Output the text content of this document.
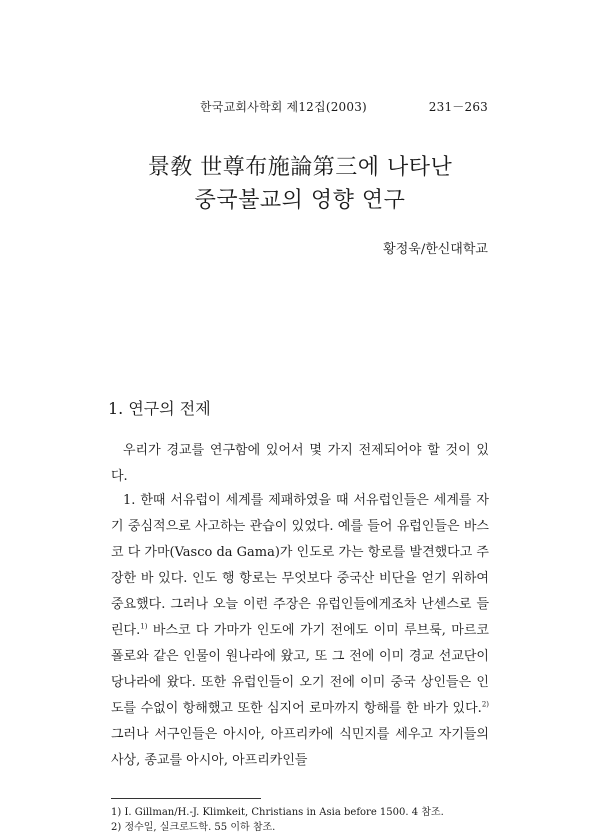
한국교회사학회 제12집(2003)	231－263
景敎 世尊布施論第三에 나타난
중국불교의 영향 연구
황정욱/한신대학교
1. 연구의 전제
우리가 경교를 연구함에 있어서 몇 가지 전제되어야 할 것이 있다.
1. 한때 서유럽이 세계를 제패하였을 때 서유럽인들은 세계를 자기 중심적으로 사고하는 관습이 있었다. 예를 들어 유럽인들은 바스코 다 가마(Vasco da Gama)가 인도로 가는 항로를 발견했다고 주장한 바 있다. 인도 행 항로는 무엇보다 중국산 비단을 얻기 위하여 중요했다. 그러나 오늘 이런 주장은 유럽인들에게조차 난센스로 들린다.$^{1)}$ 바스코 다 가마가 인도에 가기 전에도 이미 루브룩, 마르코 폴로와 같은 인물이 원나라에 왔고, 또 그 전에 이미 경교 선교단이 당나라에 왔다. 또한 유럽인들이 오기 전에 이미 중국 상인들은 인도를 수없이 항해했고 또한 심지어 로마까지 항해를 한 바가 있다.$^{2)}$ 그러나 서구인들은 아시아, 아프리카에 식민지를 세우고 자기들의 사상, 종교를 아시아, 아프리카인들
1) I. Gillman/H.-J. Klimkeit, Christians in Asia before 1500. 4 참조.
2) 정수일, 실크로드학. 55 이하 참조.
